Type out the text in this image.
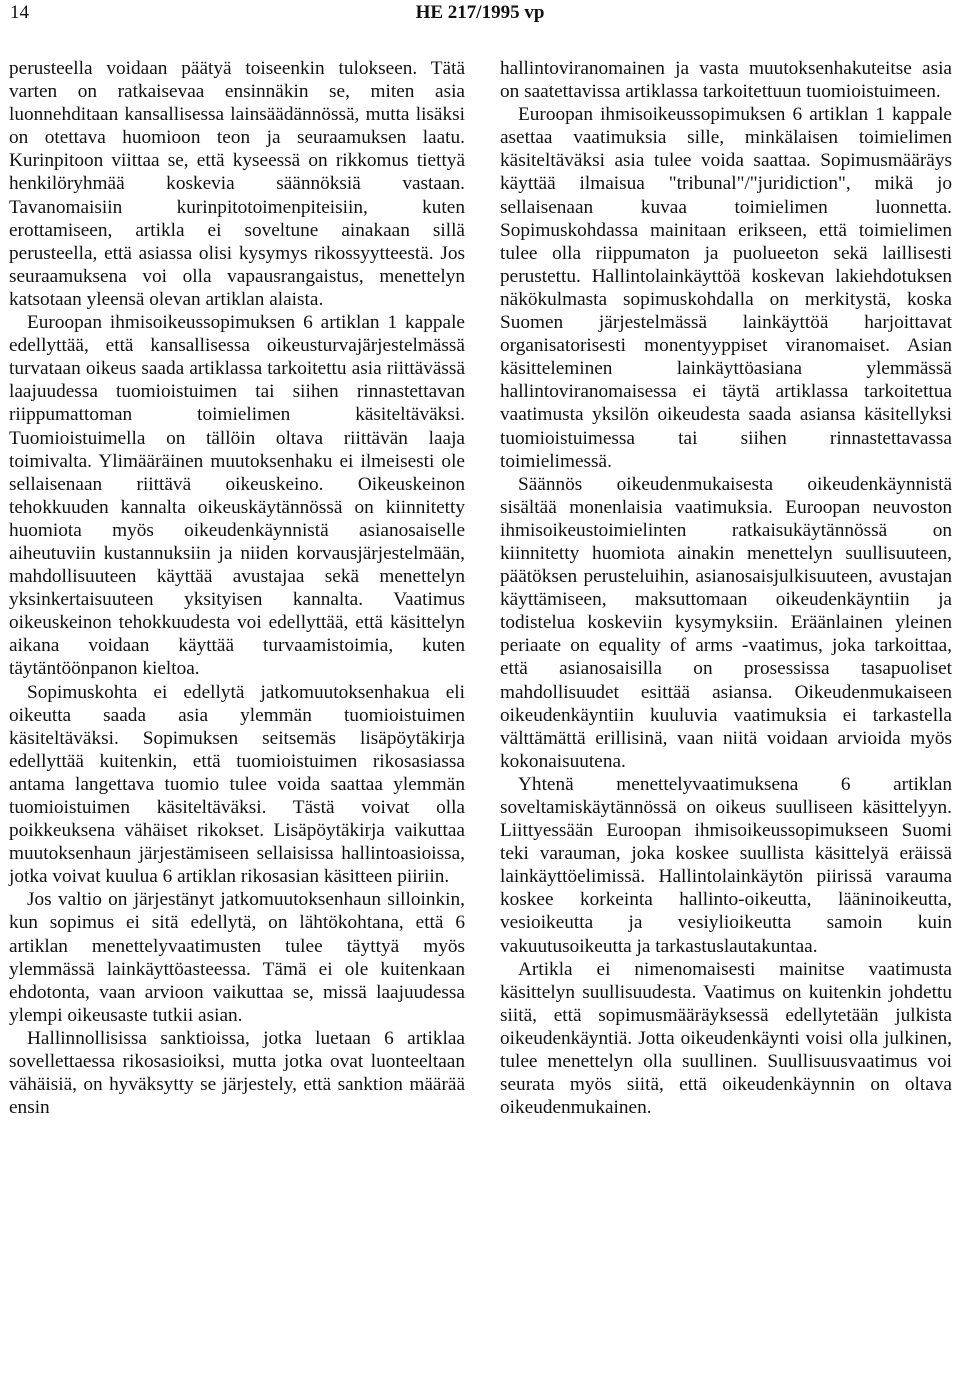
14	HE 217/1995 vp

perusteella voidaan päätyä toiseenkin tulokseen. Tätä varten on ratkaisevaa ensinnäkin se, miten asia luonnehditaan kansallisessa lainsäädännössä, mutta lisäksi on otettava huomioon teon ja seuraamuksen laatu. Kurinpitoon viittaa se, että kyseessä on rikkomus tiettyä henkilöryhmää koskevia säännöksiä vastaan. Tavanomaisiin kurinpitotoimenpiteisiin, kuten erottamiseen, artikla ei soveltune ainakaan sillä perusteella, että asiassa olisi kysymys rikossyytteestä. Jos seuraamuksena voi olla vapausrangaistus, menettelyn katsotaan yleensä olevan artiklan alaista.

Euroopan ihmisoikeussopimuksen 6 artiklan 1 kappale edellyttää, että kansallisessa oikeusturvajärjestelmässä turvataan oikeus saada artiklassa tarkoitettu asia riittävässä laajuudessa tuomioistuimen tai siihen rinnastettavan riippumattoman toimielimen käsiteltäväksi. Tuomioistuimella on tällöin oltava riittävän laaja toimivalta. Ylimääräinen muutoksenhaku ei ilmeisesti ole sellaisenaan riittävä oikeuskeino. Oikeuskeinon tehokkuuden kannalta oikeuskäytännössä on kiinnitetty huomiota myös oikeudenkäynnistä asianosaiselle aiheutuviin kustannuksiin ja niiden korvausjärjestelmään, mahdollisuuteen käyttää avustajaa sekä menettelyn yksinkertaisuuteen yksityisen kannalta. Vaatimus oikeuskeinon tehokkuudesta voi edellyttää, että käsittelyn aikana voidaan käyttää turvaamistoimia, kuten täytäntöönpanon kieltoa.

Sopimuskohta ei edellytä jatkomuutoksenhakua eli oikeutta saada asia ylemmän tuomioistuimen käsiteltäväksi. Sopimuksen seitsemäs lisäpöytäkirja edellyttää kuitenkin, että tuomioistuimen rikosasiassa antama langettava tuomio tulee voida saattaa ylemmän tuomioistuimen käsiteltäväksi. Tästä voivat olla poikkeuksena vähäiset rikokset. Lisäpöytäkirja vaikuttaa muutoksenhaun järjestämiseen sellaisissa hallintoasioissa, jotka voivat kuulua 6 artiklan rikosasian käsitteen piiriin.

Jos valtio on järjestänyt jatkomuutoksenhaun silloinkin, kun sopimus ei sitä edellytä, on lähtökohtana, että 6 artiklan menettelyvaatimusten tulee täyttyä myös ylemmässä lainkäyttöasteessa. Tämä ei ole kuitenkaan ehdotonta, vaan arvioon vaikuttaa se, missä laajuudessa ylempi oikeusaste tutkii asian.

Hallinnollisissa sanktioissa, jotka luetaan 6 artiklaa sovellettaessa rikosasioiksi, mutta jotka ovat luonteeltaan vähäisiä, on hyväksytty se järjestely, että sanktion määrää ensin

hallintoviranomainen ja vasta muutoksenhakuteitse asia on saatettavissa artiklassa tarkoitettuun tuomioistuimeen.

Euroopan ihmisoikeussopimuksen 6 artiklan 1 kappale asettaa vaatimuksia sille, minkälaisen toimielimen käsiteltäväksi asia tulee voida saattaa. Sopimusmääräys käyttää ilmaisua "tribunal"/"juridiction", mikä jo sellaisenaan kuvaa toimielimen luonnetta. Sopimuskohdassa mainitaan erikseen, että toimielimen tulee olla riippumaton ja puolueeton sekä laillisesti perustettu. Hallintolainkäyttöä koskevan lakiehdotuksen näkökulmasta sopimuskohdalla on merkitystä, koska Suomen järjestelmässä lainkäyttöä harjoittavat organisatorisesti monentyyppiset viranomaiset. Asian käsitteleminen lainkäyttöasiana ylemmässä hallintoviranomaisessa ei täytä artiklassa tarkoitettua vaatimusta yksilön oikeudesta saada asiansa käsitellyksi tuomioistuimessa tai siihen rinnastettavassa toimielimessä.

Säännös oikeudenmukaisesta oikeudenkäynnistä sisältää monenlaisia vaatimuksia. Euroopan neuvoston ihmisoikeustoimielinten ratkaisukäytännössä on kiinnitetty huomiota ainakin menettelyn suullisuuteen, päätöksen perusteluihin, asianosaisjulkisuuteen, avustajan käyttämiseen, maksuttomaan oikeudenkäyntiin ja todistelua koskeviin kysymyksiin. Eräänlainen yleinen periaate on equality of arms -vaatimus, joka tarkoittaa, että asianosaisilla on prosessissa tasapuoliset mahdollisuudet esittää asiansa. Oikeudenmukaiseen oikeudenkäyntiin kuuluvia vaatimuksia ei tarkastella välttämättä erillisinä, vaan niitä voidaan arvioida myös kokonaisuutena.

Yhtenä menettelyvaatimuksena 6 artiklan soveltamiskäytännössä on oikeus suulliseen käsittelyyn. Liittyessään Euroopan ihmisoikeussopimukseen Suomi teki varauman, joka koskee suullista käsittelyä eräissä lainkäyttöelimissä. Hallintolainkäytön piirissä varauma koskee korkeinta hallinto-oikeutta, lääninoikeutta, vesioikeutta ja vesiylioikeutta samoin kuin vakuutusoikeutta ja tarkastuslautakuntaa.

Artikla ei nimenomaisesti mainitse vaatimusta käsittelyn suullisuudesta. Vaatimus on kuitenkin johdettu siitä, että sopimusmääräyksessä edellytetään julkista oikeudenkäyntiä. Jotta oikeudenkäynti voisi olla julkinen, tulee menettelyn olla suullinen. Suullisuusvaatimus voi seurata myös siitä, että oikeudenkäynnin on oltava oikeudenmukainen.
